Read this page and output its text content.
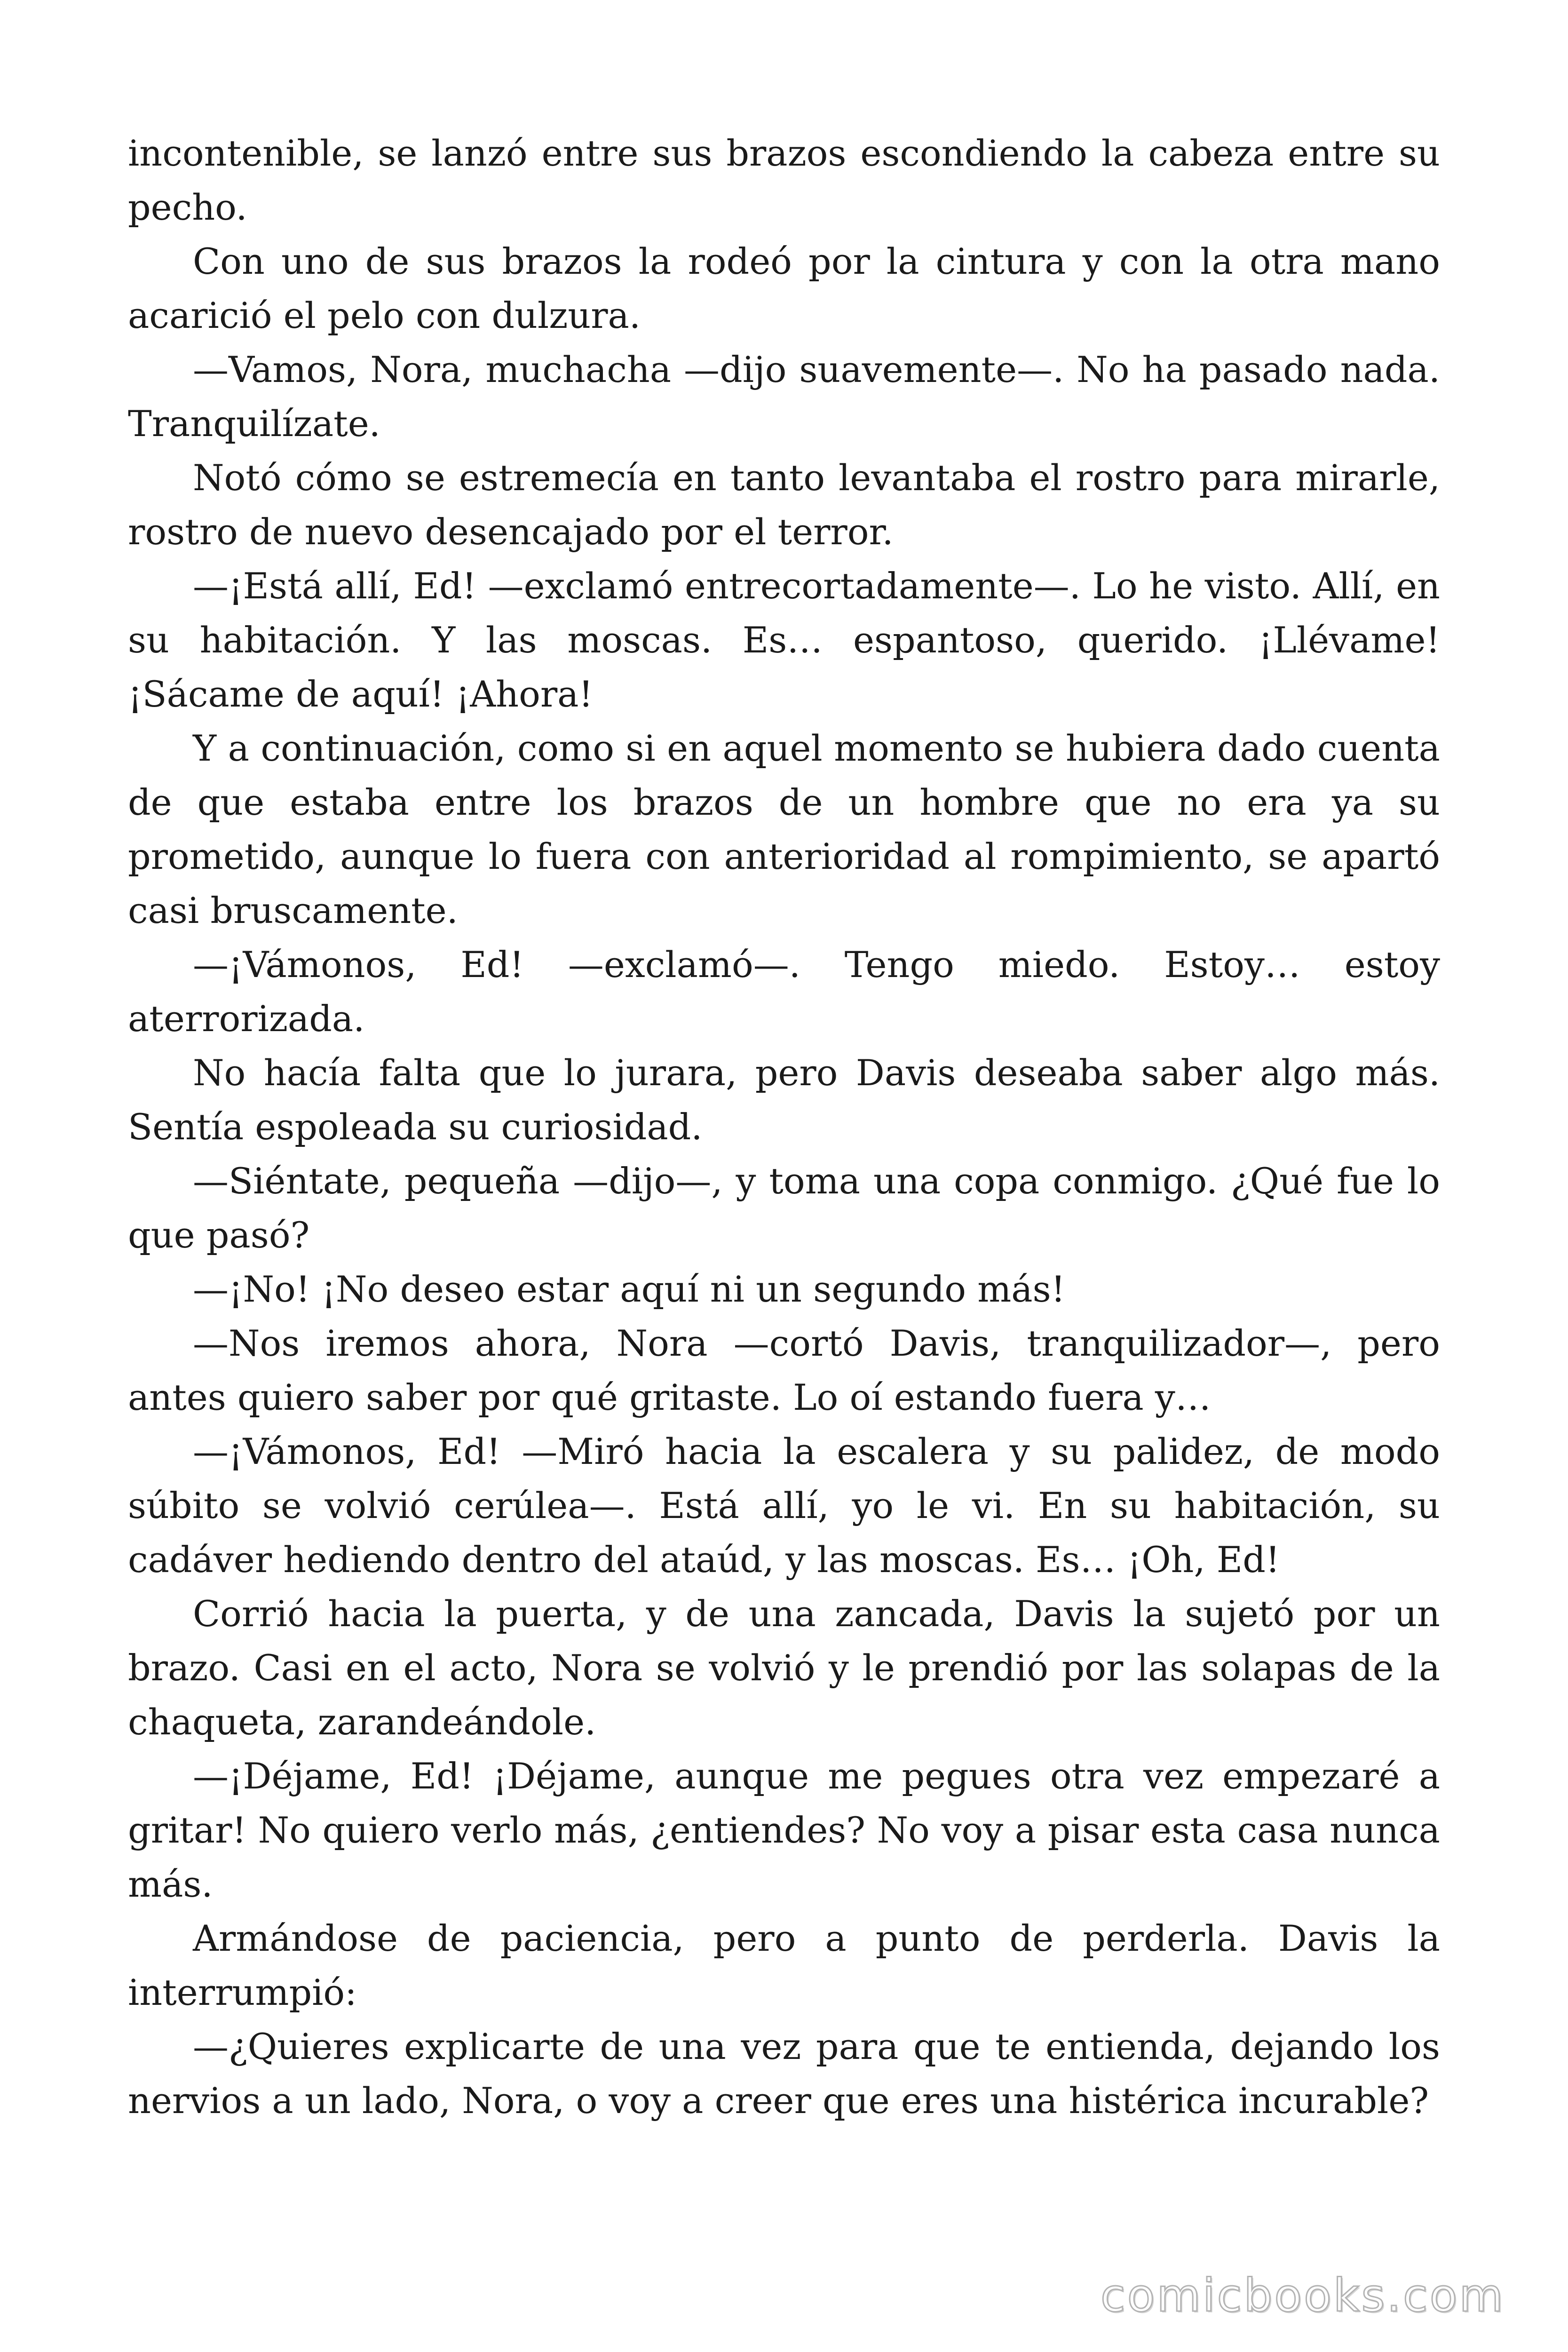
incontenible, se lanzó entre sus brazos escondiendo la cabeza entre su pecho.

Con uno de sus brazos la rodeó por la cintura y con la otra mano acarició el pelo con dulzura.

—Vamos, Nora, muchacha —dijo suavemente—. No ha pasado nada. Tranquilízate.

Notó cómo se estremecía en tanto levantaba el rostro para mirarle, rostro de nuevo desencajado por el terror.

—¡Está allí, Ed! —exclamó entrecortadamente—. Lo he visto. Allí, en su habitación. Y las moscas. Es… espantoso, querido. ¡Llévame! ¡Sácame de aquí! ¡Ahora!

Y a continuación, como si en aquel momento se hubiera dado cuenta de que estaba entre los brazos de un hombre que no era ya su prometido, aunque lo fuera con anterioridad al rompimiento, se apartó casi bruscamente.

—¡Vámonos, Ed! —exclamó—. Tengo miedo. Estoy… estoy aterrorizada.

No hacía falta que lo jurara, pero Davis deseaba saber algo más. Sentía espoleada su curiosidad.

—Siéntate, pequeña —dijo—, y toma una copa conmigo. ¿Qué fue lo que pasó?

—¡No! ¡No deseo estar aquí ni un segundo más!

—Nos iremos ahora, Nora —cortó Davis, tranquilizador—, pero antes quiero saber por qué gritaste. Lo oí estando fuera y…

—¡Vámonos, Ed! —Miró hacia la escalera y su palidez, de modo súbito se volvió cerúlea—. Está allí, yo le vi. En su habitación, su cadáver hediendo dentro del ataúd, y las moscas. Es… ¡Oh, Ed!

Corrió hacia la puerta, y de una zancada, Davis la sujetó por un brazo. Casi en el acto, Nora se volvió y le prendió por las solapas de la chaqueta, zarandeándole.

—¡Déjame, Ed! ¡Déjame, aunque me pegues otra vez empezaré a gritar! No quiero verlo más, ¿entiendes? No voy a pisar esta casa nunca más.

Armándose de paciencia, pero a punto de perderla. Davis la interrumpió:

—¿Quieres explicarte de una vez para que te entienda, dejando los nervios a un lado, Nora, o voy a creer que eres una histérica incurable?

comicbooks.com
